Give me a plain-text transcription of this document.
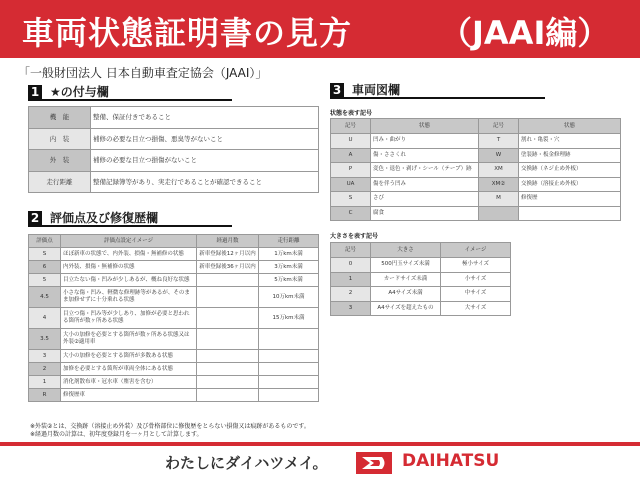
車両状態証明書の見方	（JAAI編）
「一般財団法人 日本自動車査定協会（JAAI）」
1 ★の付与欄
機　能	整備、保証付きであること
内　装	補修の必要な目立つ損傷、悪臭等がないこと
外　装	補修の必要な目立つ損傷がないこと
走行距離	整備記録簿等があり、実走行であることが確認できること
2 評価点及び修復歴欄
評価点	評価点設定イメージ	経過月数	走行距離
S	ほぼ新車の状態で、内外装、損傷・無補修の状態	新車登録後12ヶ月以内	1万km未満
6	内外装、損傷・無補修の状態	新車登録後36ヶ月以内	3万km未満
5	目立たない傷・凹みが少しあるが、概ね良好な状態		5万km未満
4.5	小さな傷・凹み、軽微な修理跡等があるが、そのまま加修せずに十分乗れる状態		10万km未満
4	目立つ傷・凹み等が少しあり、加修が必要と思われる箇所が数ヶ所ある状態		15万km未満
3.5	大小の加修を必要とする箇所が数ヶ所ある状態又は外装②適用車		
3	大小の加修を必要とする箇所が多数ある状態		
2	加修を必要とする箇所が車両全体にある状態		
1	消化剤散布車・冠水車（塵害を含む）		
R	修復歴車		
3 車両図欄
状態を表す記号
記号	状態	記号	状態
U	凹み・曲がり	T	割れ・亀裂・穴
A	傷・ささくれ	W	塗装跡・板金修理跡
P	変色・退色・剥げ・シール（テープ）跡	XM	交換跡（ネジ止め外板）
UA	傷を伴う凹み	XM②	交換跡（溶接止め外板）
S	さび	M	修復歴
C	腐食		
大きさを表す記号
記号	大きさ	イメージ
0	500円玉サイズ未満	極小サイズ
1	カードサイズ未満	小サイズ
2	A4サイズ未満	中サイズ
3	A4サイズを超えたもの	大サイズ
※外装②とは、交換跡（溶接止め外装）及び骨格部位に修復歴をとらない損傷又は痕跡があるものです。
※経過月数の計算は、初年度登録月を一ヶ月として計算します。
わたしにダイハツメイ。	DAIHATSU
